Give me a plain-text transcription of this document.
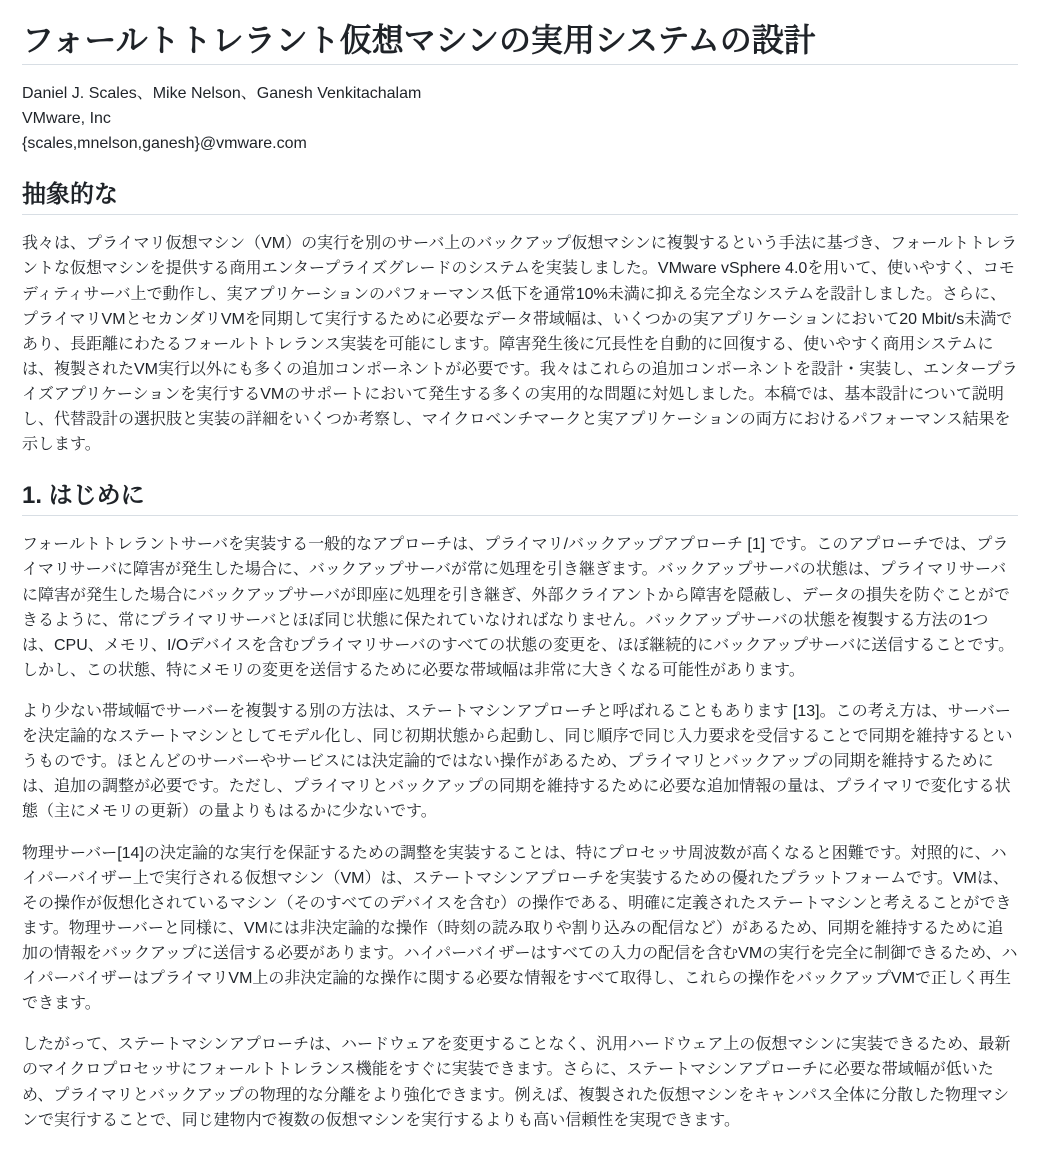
フォールトトレラント仮想マシンの実用システムの設計

Daniel J. Scales、Mike Nelson、Ganesh Venkitachalam
VMware, Inc
{scales,mnelson,ganesh}@vmware.com

抽象的な

我々は、プライマリ仮想マシン（VM）の実行を別のサーバ上のバックアップ仮想マシンに複製するという手法に基づき、フォールトトレラントな仮想マシンを提供する商用エンタープライズグレードのシステムを実装しました。VMware vSphere 4.0を用いて、使いやすく、コモディティサーバ上で動作し、実アプリケーションのパフォーマンス低下を通常10%未満に抑える完全なシステムを設計しました。さらに、プライマリVMとセカンダリVMを同期して実行するために必要なデータ帯域幅は、いくつかの実アプリケーションにおいて20 Mbit/s未満であり、長距離にわたるフォールトトレランス実装を可能にします。障害発生後に冗長性を自動的に回復する、使いやすく商用システムには、複製されたVM実行以外にも多くの追加コンポーネントが必要です。我々はこれらの追加コンポーネントを設計・実装し、エンタープライズアプリケーションを実行するVMのサポートにおいて発生する多くの実用的な問題に対処しました。本稿では、基本設計について説明し、代替設計の選択肢と実装の詳細をいくつか考察し、マイクロベンチマークと実アプリケーションの両方におけるパフォーマンス結果を示します。

1. はじめに

フォールトトレラントサーバを実装する一般的なアプローチは、プライマリ/バックアップアプローチ [1] です。このアプローチでは、プライマリサーバに障害が発生した場合に、バックアップサーバが常に処理を引き継ぎます。バックアップサーバの状態は、プライマリサーバに障害が発生した場合にバックアップサーバが即座に処理を引き継ぎ、外部クライアントから障害を隠蔽し、データの損失を防ぐことができるように、常にプライマリサーバとほぼ同じ状態に保たれていなければなりません。バックアップサーバの状態を複製する方法の1つは、CPU、メモリ、I/Oデバイスを含むプライマリサーバのすべての状態の変更を、ほぼ継続的にバックアップサーバに送信することです。しかし、この状態、特にメモリの変更を送信するために必要な帯域幅は非常に大きくなる可能性があります。

より少ない帯域幅でサーバーを複製する別の方法は、ステートマシンアプローチと呼ばれることもあります [13]。この考え方は、サーバーを決定論的なステートマシンとしてモデル化し、同じ初期状態から起動し、同じ順序で同じ入力要求を受信することで同期を維持するというものです。ほとんどのサーバーやサービスには決定論的ではない操作があるため、プライマリとバックアップの同期を維持するためには、追加の調整が必要です。ただし、プライマリとバックアップの同期を維持するために必要な追加情報の量は、プライマリで変化する状態（主にメモリの更新）の量よりもはるかに少ないです。

物理サーバー[14]の決定論的な実行を保証するための調整を実装することは、特にプロセッサ周波数が高くなると困難です。対照的に、ハイパーバイザー上で実行される仮想マシン（VM）は、ステートマシンアプローチを実装するための優れたプラットフォームです。VMは、その操作が仮想化されているマシン（そのすべてのデバイスを含む）の操作である、明確に定義されたステートマシンと考えることができます。物理サーバーと同様に、VMには非決定論的な操作（時刻の読み取りや割り込みの配信など）があるため、同期を維持するために追加の情報をバックアップに送信する必要があります。ハイパーバイザーはすべての入力の配信を含むVMの実行を完全に制御できるため、ハイパーバイザーはプライマリVM上の非決定論的な操作に関する必要な情報をすべて取得し、これらの操作をバックアップVMで正しく再生できます。

したがって、ステートマシンアプローチは、ハードウェアを変更することなく、汎用ハードウェア上の仮想マシンに実装できるため、最新のマイクロプロセッサにフォールトトレランス機能をすぐに実装できます。さらに、ステートマシンアプローチに必要な帯域幅が低いため、プライマリとバックアップの物理的な分離をより強化できます。例えば、複製された仮想マシンをキャンパス全体に分散した物理マシンで実行することで、同じ建物内で複数の仮想マシンを実行するよりも高い信頼性を実現できます。
